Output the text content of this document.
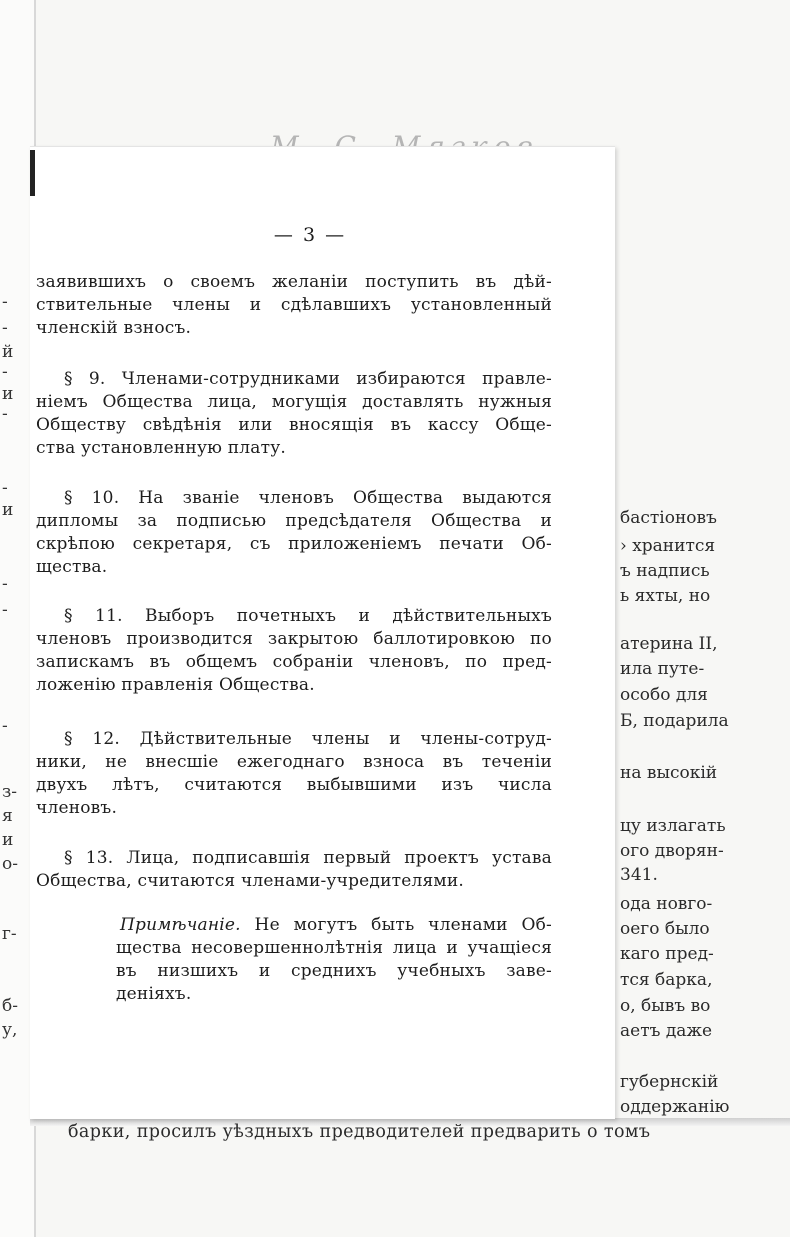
-
-
й
-
и
-
-
и
-
-
-
з-
я
и
о-
г-
б-
у,
бастіоновъ
› хранится
ъ надпись
ь яхты, но
атерина II,
ила путе-
особо для
Б, подарила
на высокій
цу излагать
ого дворян-
341.
ода новго-
оего было
каго пред-
тся барка,
о, бывъ во
аетъ даже
губернскій
оддержанію
барки, просилъ уѣздныхъ предводителей предварить о томъ
— 3 —
заявившихъ о своемъ желаніи поступить въ дѣй-
ствительные члены и сдѣлавшихъ установленный
членскій взносъ.
§ 9. Членами-сотрудниками избираются правле-
ніемъ Общества лица, могущія доставлять нужныя
Обществу свѣдѣнія или вносящія въ кассу Обще-
ства установленную плату.
§ 10. На званіе членовъ Общества выдаются
дипломы за подписью предсѣдателя Общества и
скрѣпою секретаря, съ приложеніемъ печати Об-
щества.
§ 11. Выборъ почетныхъ и дѣйствительныхъ
членовъ производится закрытою баллотировкою по
запискамъ въ общемъ собраніи членовъ, по пред-
ложенію правленія Общества.
§ 12. Дѣйствительные члены и члены-сотруд-
ники, не внесшіе ежегоднаго взноса въ теченіи
двухъ лѣтъ, считаются выбывшими изъ числа
членовъ.
§ 13. Лица, подписавшія первый проектъ устава
Общества, считаются членами-учредителями.
Примѣчаніе. Не могутъ быть членами Об-
щества несовершеннолѣтнія лица и учащіеся
въ низшихъ и среднихъ учебныхъ заве-
деніяхъ.
